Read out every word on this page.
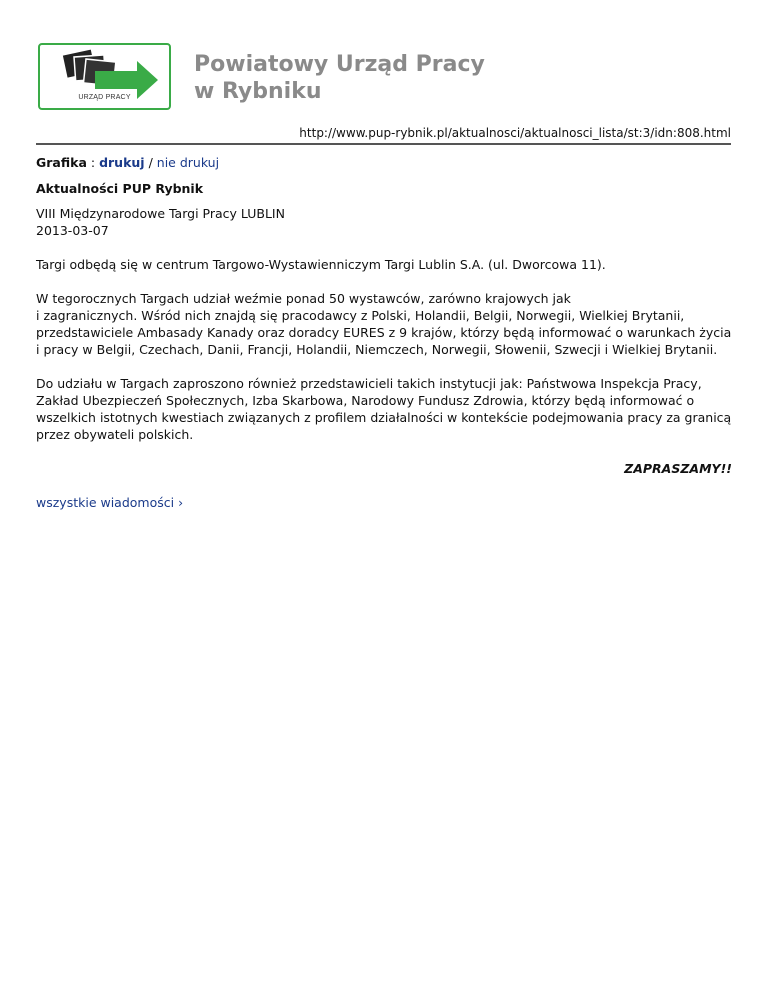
URZĄD PRACY
Powiatowy Urząd Pracy
w Rybniku
http://www.pup-rybnik.pl/aktualnosci/aktualnosci_lista/st:3/idn:808.html
Grafika : drukuj / nie drukuj
Aktualności PUP Rybnik

VIII Międzynarodowe Targi Pracy LUBLIN

2013-03-07

Targi odbędą się w centrum Targowo-Wystawienniczym Targi Lublin S.A. (ul. Dworcowa 11).

W tegorocznych Targach udział weźmie ponad 50 wystawców, zarówno krajowych jak
i zagranicznych. Wśród nich znajdą się pracodawcy z Polski, Holandii, Belgii, Norwegii, Wielkiej Brytanii, przedstawiciele Ambasady Kanady oraz doradcy EURES z 9 krajów, którzy będą informować o warunkach życia i pracy w Belgii, Czechach, Danii, Francji, Holandii, Niemczech, Norwegii, Słowenii, Szwecji i Wielkiej Brytanii.

Do udziału w Targach zaproszono również przedstawicieli takich instytucji jak: Państwowa Inspekcja Pracy, Zakład Ubezpieczeń Społecznych, Izba Skarbowa, Narodowy Fundusz Zdrowia, którzy będą informować o wszelkich istotnych kwestiach związanych z profilem działalności w kontekście podejmowania pracy za granicą przez obywateli polskich.

ZAPRASZAMY!!

wszystkie wiadomości ›
